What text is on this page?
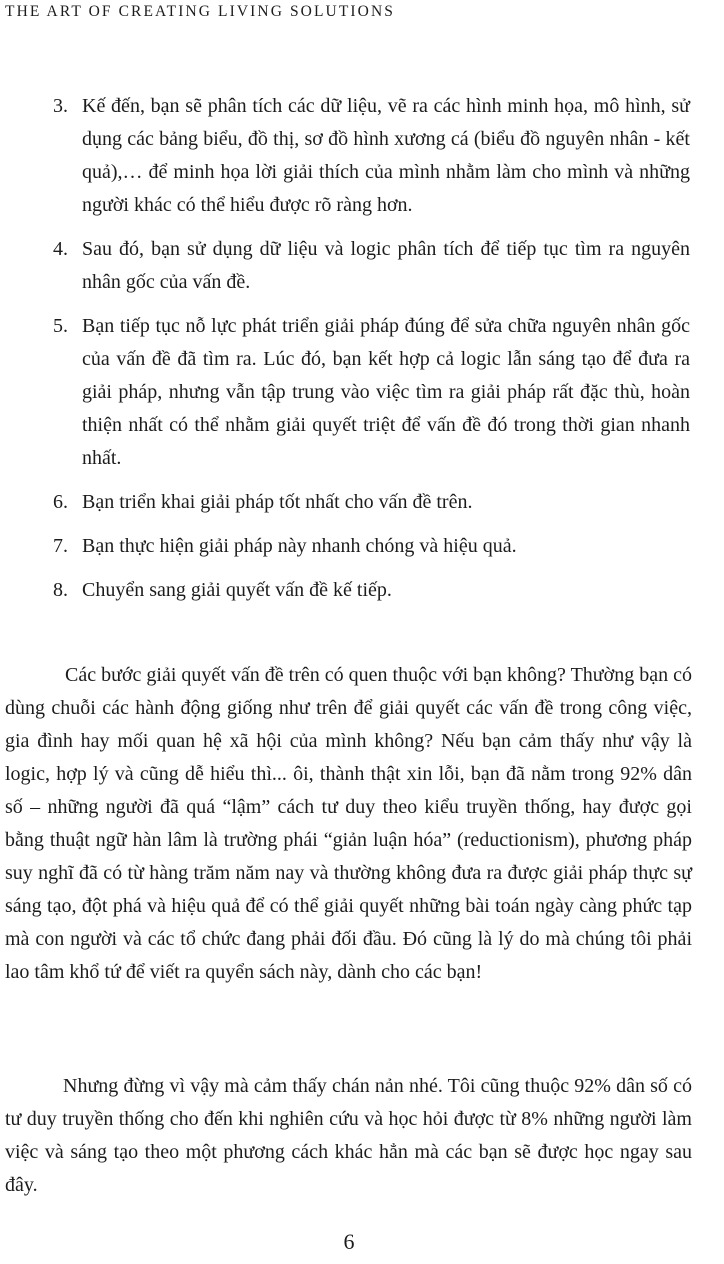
THE ART OF CREATING LIVING SOLUTIONS
3. Kế đến, bạn sẽ phân tích các dữ liệu, vẽ ra các hình minh họa, mô hình, sử dụng các bảng biểu, đồ thị, sơ đồ hình xương cá (biểu đồ nguyên nhân - kết quả),… để minh họa lời giải thích của mình nhằm làm cho mình và những người khác có thể hiểu được rõ ràng hơn.
4. Sau đó, bạn sử dụng dữ liệu và logic phân tích để tiếp tục tìm ra nguyên nhân gốc của vấn đề.
5. Bạn tiếp tục nỗ lực phát triển giải pháp đúng để sửa chữa nguyên nhân gốc của vấn đề đã tìm ra. Lúc đó, bạn kết hợp cả logic lẫn sáng tạo để đưa ra giải pháp, nhưng vẫn tập trung vào việc tìm ra giải pháp rất đặc thù, hoàn thiện nhất có thể nhằm giải quyết triệt để vấn đề đó trong thời gian nhanh nhất.
6. Bạn triển khai giải pháp tốt nhất cho vấn đề trên.
7. Bạn thực hiện giải pháp này nhanh chóng và hiệu quả.
8. Chuyển sang giải quyết vấn đề kế tiếp.

Các bước giải quyết vấn đề trên có quen thuộc với bạn không? Thường bạn có dùng chuỗi các hành động giống như trên để giải quyết các vấn đề trong công việc, gia đình hay mối quan hệ xã hội của mình không? Nếu bạn cảm thấy như vậy là logic, hợp lý và cũng dễ hiểu thì... ôi, thành thật xin lỗi, bạn đã nằm trong 92% dân số – những người đã quá “lậm” cách tư duy theo kiểu truyền thống, hay được gọi bằng thuật ngữ hàn lâm là trường phái “giản luận hóa” (reductionism), phương pháp suy nghĩ đã có từ hàng trăm năm nay và thường không đưa ra được giải pháp thực sự sáng tạo, đột phá và hiệu quả để có thể giải quyết những bài toán ngày càng phức tạp mà con người và các tổ chức đang phải đối đầu. Đó cũng là lý do mà chúng tôi phải lao tâm khổ tứ để viết ra quyển sách này, dành cho các bạn!

Nhưng đừng vì vậy mà cảm thấy chán nản nhé. Tôi cũng thuộc 92% dân số có tư duy truyền thống cho đến khi nghiên cứu và học hỏi được từ 8% những người làm việc và sáng tạo theo một phương cách khác hẳn mà các bạn sẽ được học ngay sau đây.

6
